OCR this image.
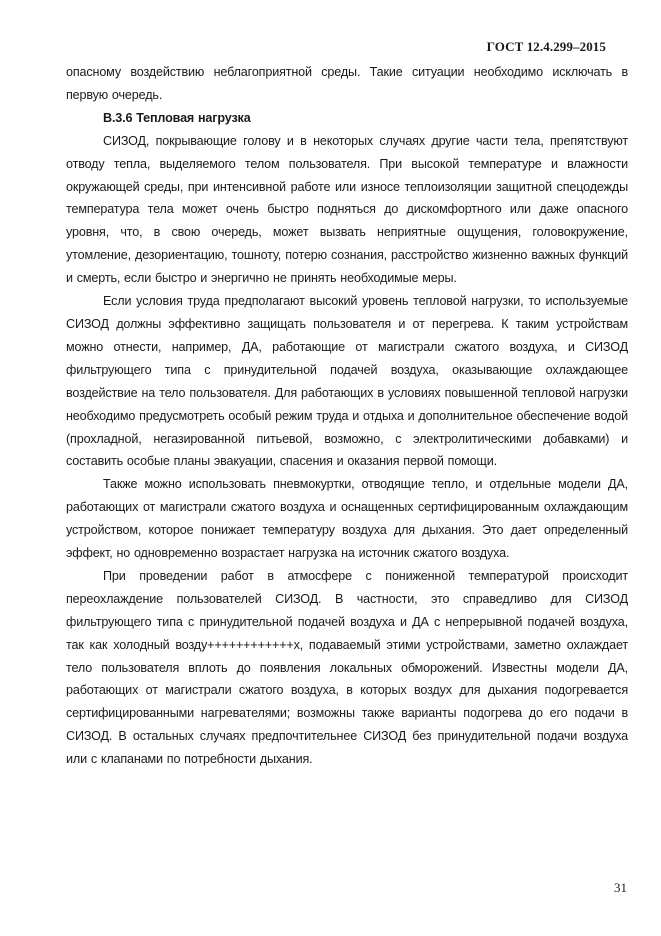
ГОСТ 12.4.299–2015

опасному воздействию неблагоприятной среды. Такие ситуации необходимо исключать в первую очередь.

В.3.6 Тепловая нагрузка

СИЗОД, покрывающие голову и в некоторых случаях другие части тела, препятствуют отводу тепла, выделяемого телом пользователя. При высокой температуре и влажности окружающей среды, при интенсивной работе или износе теплоизоляции защитной спецодежды температура тела может очень быстро подняться до дискомфортного или даже опасного уровня, что, в свою очередь, может вызвать неприятные ощущения, головокружение, утомление, дезориентацию, тошноту, потерю сознания, расстройство жизненно важных функций и смерть, если быстро и энергично не принять необходимые меры.

Если условия труда предполагают высокий уровень тепловой нагрузки, то используемые СИЗОД должны эффективно защищать пользователя и от перегрева. К таким устройствам можно отнести, например, ДА, работающие от магистрали сжатого воздуха, и СИЗОД фильтрующего типа с принудительной подачей воздуха, оказывающие охлаждающее воздействие на тело пользователя. Для работающих в условиях повышенной тепловой нагрузки необходимо предусмотреть особый режим труда и отдыха и дополнительное обеспечение водой (прохладной, негазированной питьевой, возможно, с электролитическими добавками) и составить особые планы эвакуации, спасения и оказания первой помощи.

Также можно использовать пневмокуртки, отводящие тепло, и отдельные модели ДА, работающих от магистрали сжатого воздуха и оснащенных сертифицированным охлаждающим устройством, которое понижает температуру воздуха для дыхания. Это дает определенный эффект, но одновременно возрастает нагрузка на источник сжатого воздуха.

При проведении работ в атмосфере с пониженной температурой происходит переохлаждение пользователей СИЗОД. В частности, это справедливо для СИЗОД фильтрующего типа с принудительной подачей воздуха и ДА с непрерывной подачей воздуха, так как холодный возду++++++++++++х, подаваемый этими устройствами, заметно охлаждает тело пользователя вплоть до появления локальных обморожений. Известны модели ДА, работающих от магистрали сжатого воздуха, в которых воздух для дыхания подогревается сертифицированными нагревателями; возможны также варианты подогрева до его подачи в СИЗОД. В остальных случаях предпочтительнее СИЗОД без принудительной подачи воздуха или с клапанами по потребности дыхания.

31
